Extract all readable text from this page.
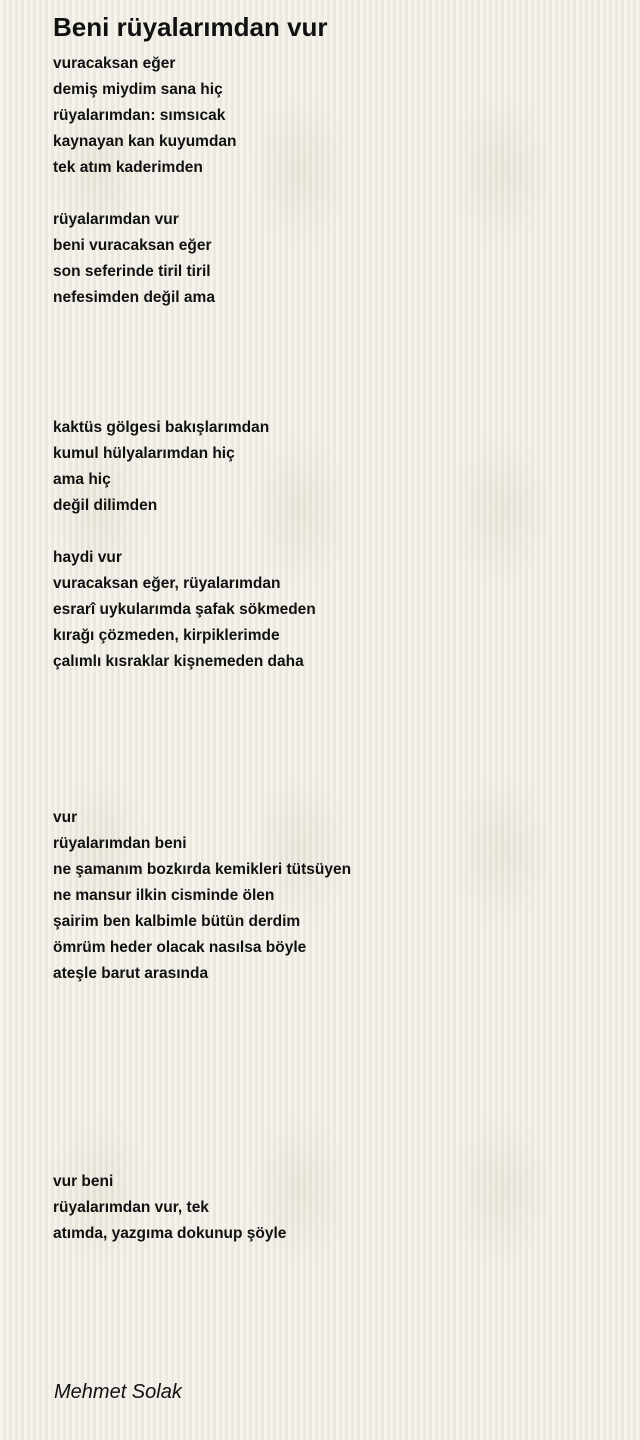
Beni rüyalarımdan vur
vuracaksan eğer
demiş miydim sana hiç
rüyalarımdan: sımsıcak
kaynayan kan kuyumdan
tek atım kaderimden
rüyalarımdan vur
beni vuracaksan eğer
son seferinde tiril tiril
nefesimden değil ama
kaktüs gölgesi bakışlarımdan
kumul hülyalarımdan hiç
ama hiç
değil dilimden
haydi vur
vuracaksan eğer, rüyalarımdan
esrarî uykularımda şafak sökmeden
kırağı çözmeden, kirpiklerimde
çalımlı kısraklar kişnemeden daha
vur
rüyalarımdan beni
ne şamanım bozkırda kemikleri tütsüyen
ne mansur ilkin cisminde ölen
şairim ben kalbimle bütün derdim
ömrüm heder olacak nasılsa böyle
ateşle barut arasında
vur beni
rüyalarımdan vur, tek
atımda, yazgıma dokunup şöyle
Mehmet Solak
